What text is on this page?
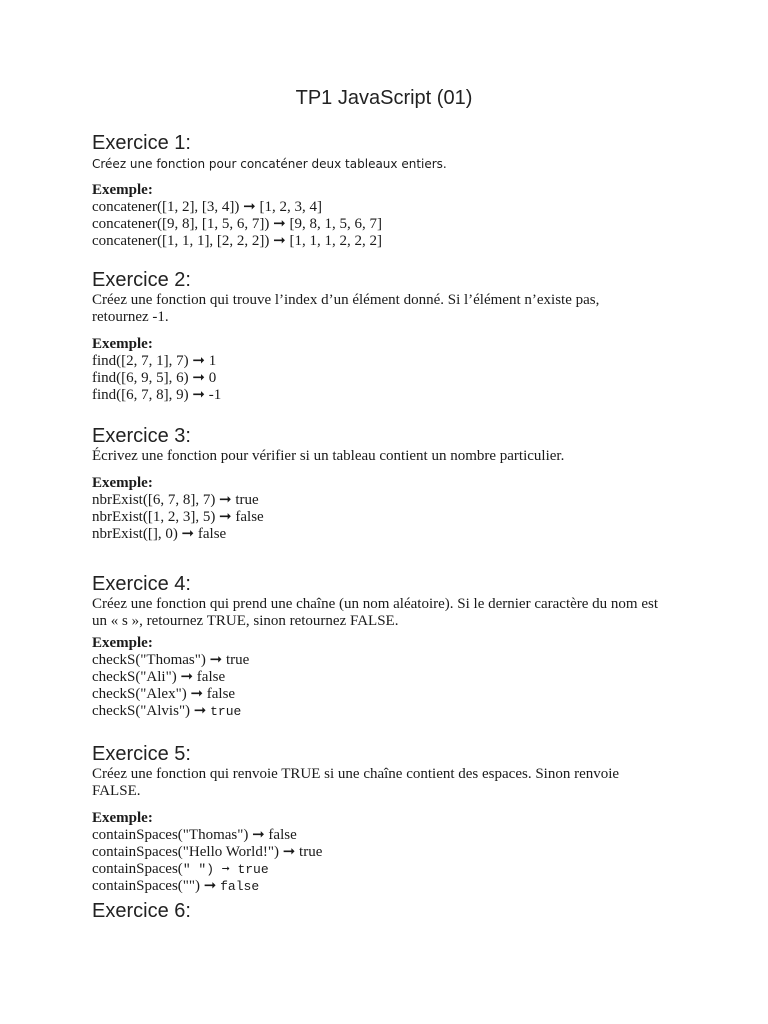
TP1 JavaScript (01)

Exercice 1:

Créez une fonction pour concaténer deux tableaux entiers.

Exemple:

concatener([1, 2], [3, 4]) ➞ [1, 2, 3, 4]

concatener([9, 8], [1, 5, 6, 7]) ➞ [9, 8, 1, 5, 6, 7]

concatener([1, 1, 1], [2, 2, 2]) ➞ [1, 1, 1, 2, 2, 2]

Exercice 2:

Créez une fonction qui trouve l’index d’un élément donné. Si l’élément n’existe pas,

retournez -1.

Exemple:

find([2, 7, 1], 7) ➞ 1

find([6, 9, 5], 6) ➞ 0

find([6, 7, 8], 9) ➞ -1

Exercice 3:

Écrivez une fonction pour vérifier si un tableau contient un nombre particulier.

Exemple:

nbrExist([6, 7, 8], 7) ➞ true

nbrExist([1, 2, 3], 5) ➞ false

nbrExist([], 0) ➞ false

Exercice 4:

Créez une fonction qui prend une chaîne (un nom aléatoire). Si le dernier caractère du nom est

un « s », retournez TRUE, sinon retournez FALSE.

Exemple:

checkS("Thomas") ➞ true

checkS("Ali") ➞ false

checkS("Alex") ➞ false

checkS("Alvis") ➞ true

Exercice 5:

Créez une fonction qui renvoie TRUE si une chaîne contient des espaces. Sinon renvoie

FALSE.

Exemple:

containSpaces("Thomas") ➞ false

containSpaces("Hello World!") ➞ true

containSpaces(" ") ➞ true

containSpaces("") ➞ false

Exercice 6:
